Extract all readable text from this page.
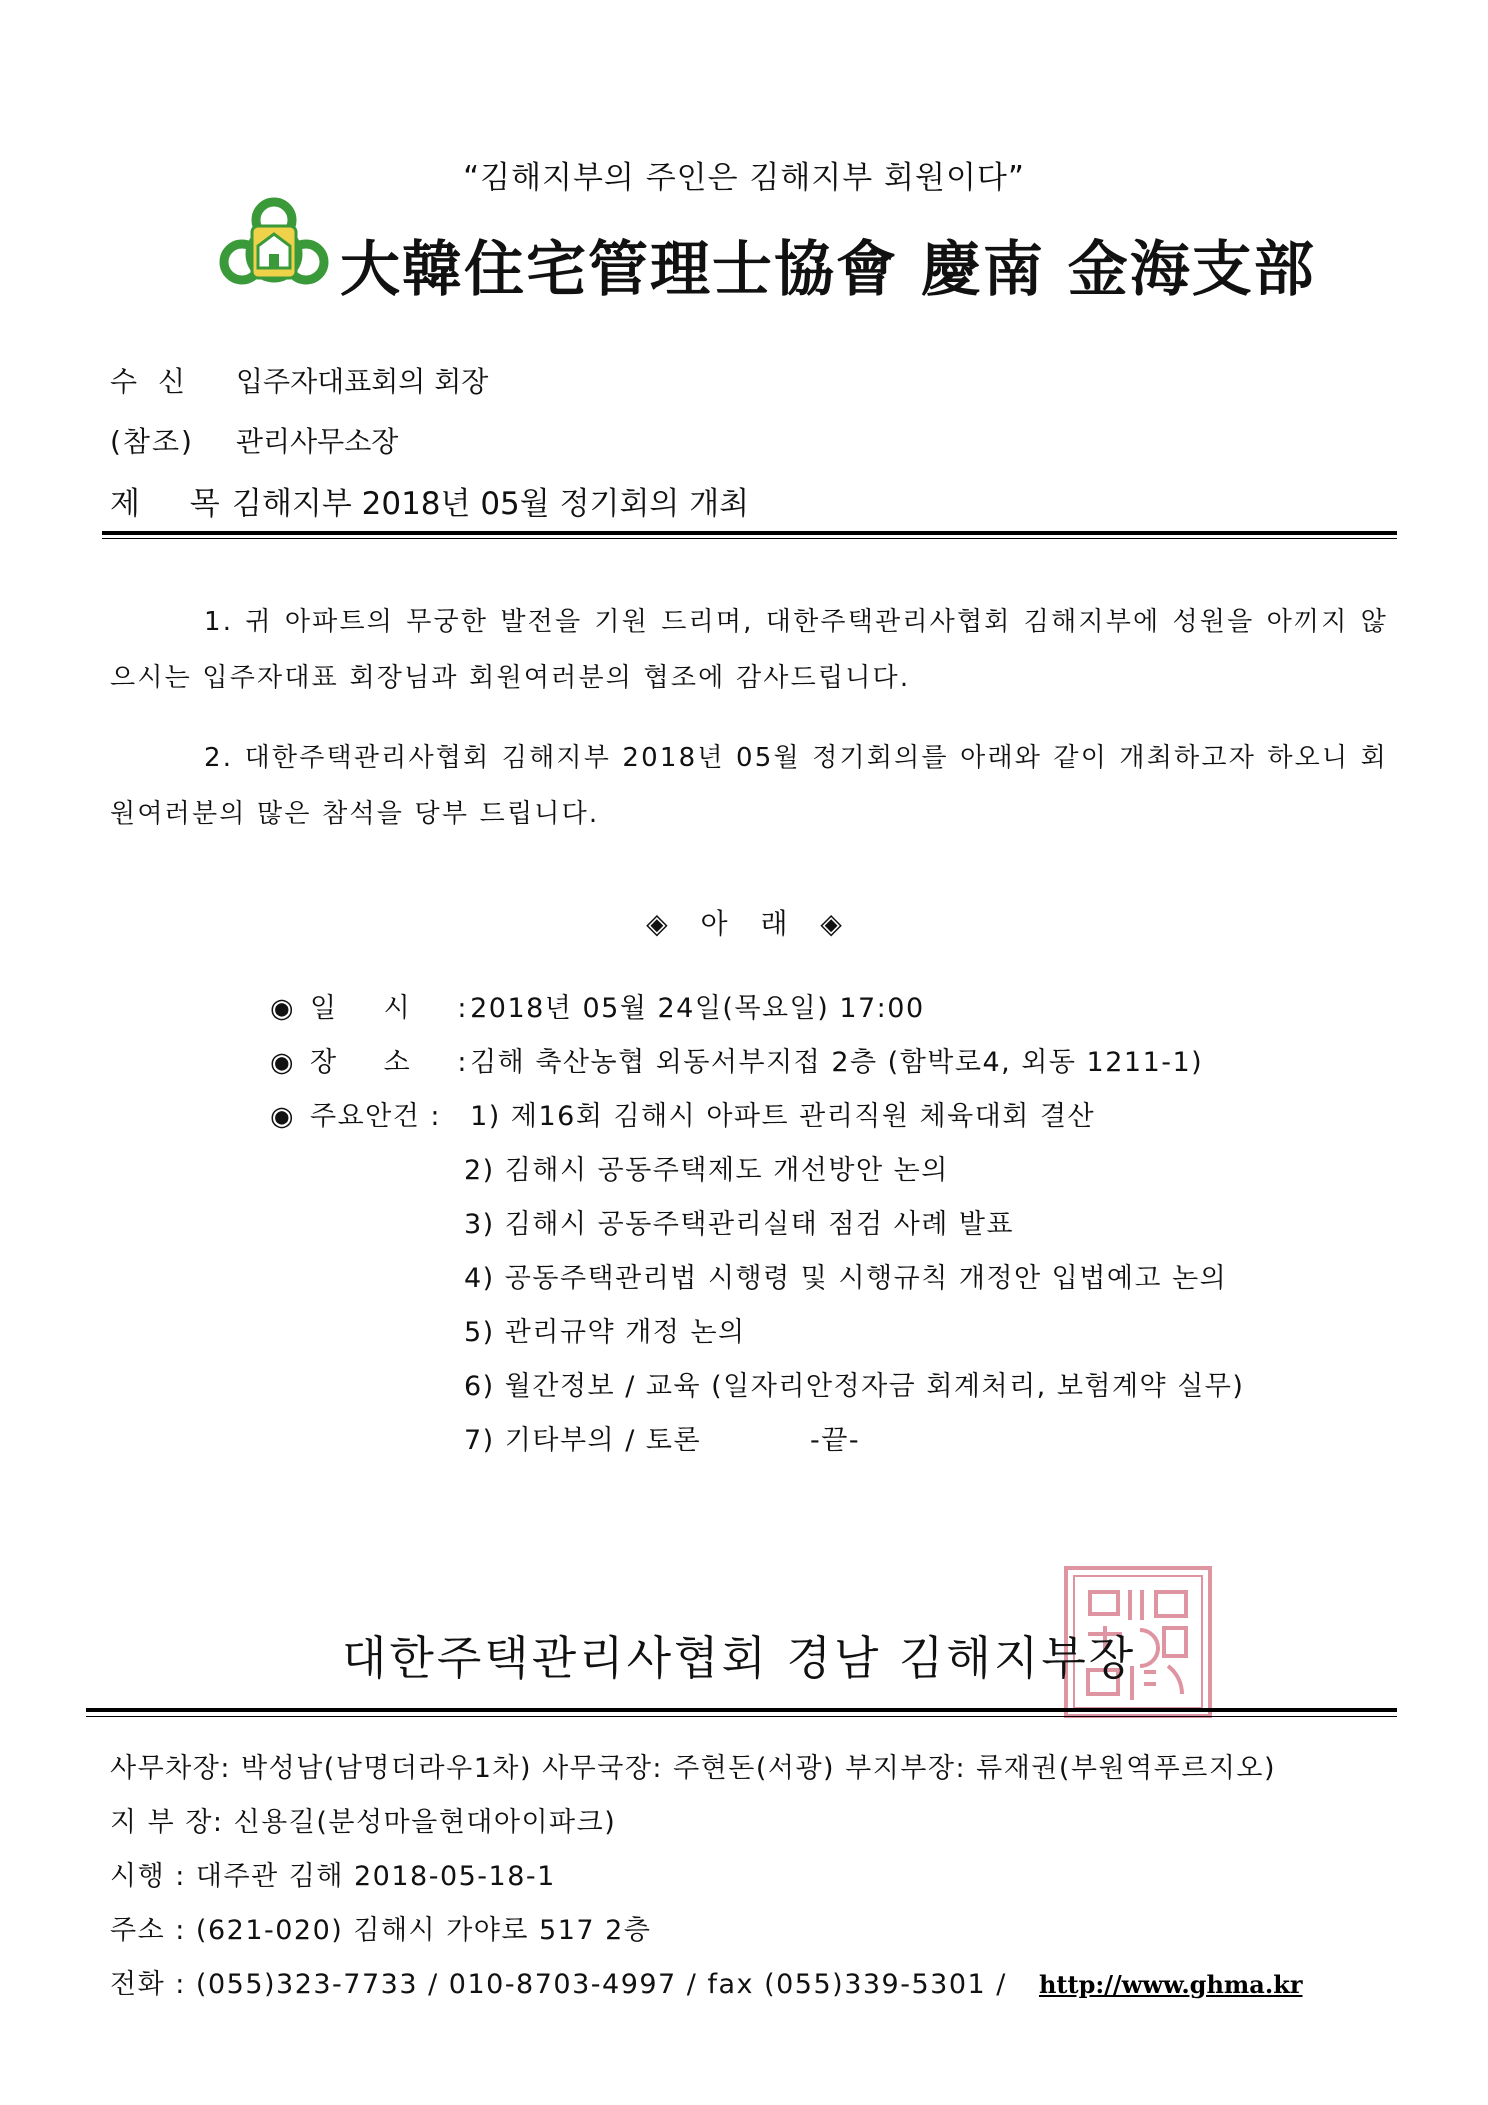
“김해지부의 주인은 김해지부 회원이다”
大韓住宅管理士協會 慶南 金海支部
수 신 입주자대표회의 회장
(참조) 관리사무소장
제 목
김해지부 2018년 05월 정기회의 개최
1. 귀 아파트의 무궁한 발전을 기원 드리며, 대한주택관리사협회 김해지부에 성원을 아끼지 않으시는 입주자대표 회장님과 회원여러분의 협조에 감사드립니다.
2. 대한주택관리사협회 김해지부 2018년 05월 정기회의를 아래와 같이 개최하고자 하오니 회원여러분의 많은 참석을 당부 드립니다.
◈ 아 래 ◈
◉ 일 시 : 2018년 05월 24일(목요일) 17:00
◉ 장 소 : 김해 축산농협 외동서부지접 2층 (함박로4, 외동 1211-1)
◉ 주요안건 : 1) 제16회 김해시 아파트 관리직원 체육대회 결산
2) 김해시 공동주택제도 개선방안 논의
3) 김해시 공동주택관리실태 점검 사례 발표
4) 공동주택관리법 시행령 및 시행규칙 개정안 입법예고 논의
5) 관리규약 개정 논의
6) 월간정보 / 교육 (일자리안정자금 회계처리, 보험계약 실무)
7) 기타부의 / 토론	-끝-
대한주택관리사협회 경남 김해지부장
사무차장: 박성남(남명더라우1차) 사무국장: 주현돈(서광) 부지부장: 류재권(부원역푸르지오)
지 부 장: 신용길(분성마을현대아이파크)
시행 : 대주관 김해 2018-05-18-1
주소 : (621-020) 김해시 가야로 517 2층
전화 : (055)323-7733 / 010-8703-4997 / fax (055)339-5301 / http://www.ghma.kr
